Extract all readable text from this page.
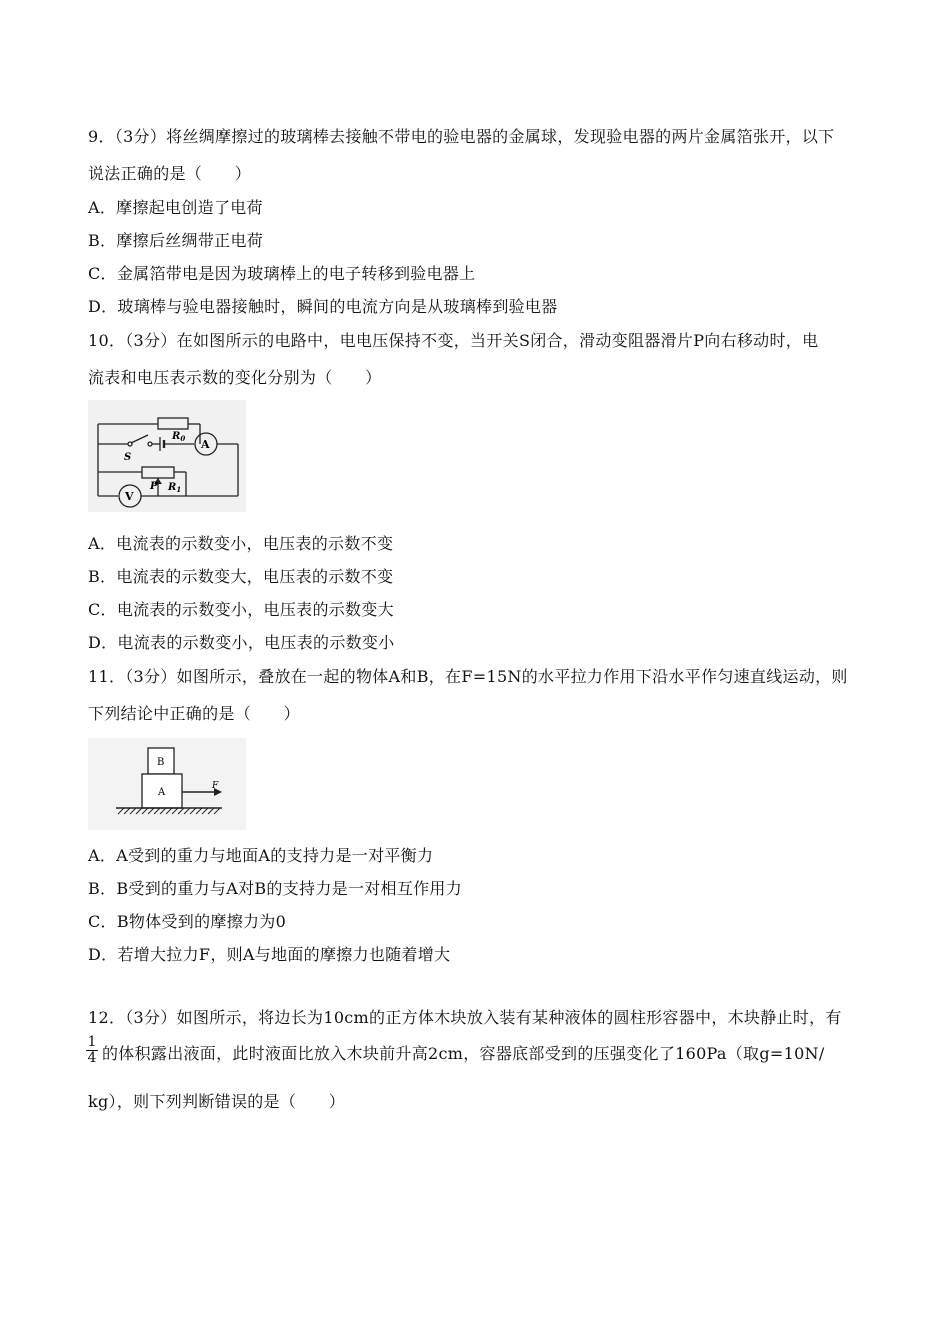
9．（3分）将丝绸摩擦过的玻璃棒去接触不带电的验电器的金属球，发现验电器的两片金属箔张开，以下
说法正确的是（　　）
A．摩擦起电创造了电荷
B．摩擦后丝绸带正电荷
C．金属箔带电是因为玻璃棒上的电子转移到验电器上
D．玻璃棒与验电器接触时，瞬间的电流方向是从玻璃棒到验电器
10．（3分）在如图所示的电路中，电电压保持不变，当开关S闭合，滑动变阻器滑片P向右移动时，电
流表和电压表示数的变化分别为（　　）
$R_0$
S
A
P $R_1$
V
A．电流表的示数变小，电压表的示数不变
B．电流表的示数变大，电压表的示数不变
C．电流表的示数变小，电压表的示数变大
D．电流表的示数变小，电压表的示数变小
11．（3分）如图所示，叠放在一起的物体A和B，在F=15N的水平拉力作用下沿水平作匀速直线运动，则
下列结论中正确的是（　　）
B
A
F
A．A受到的重力与地面A的支持力是一对平衡力
B．B受到的重力与A对B的支持力是一对相互作用力
C．B物体受到的摩擦力为0
D．若增大拉力F，则A与地面的摩擦力也随着增大
12．（3分）如图所示，将边长为10cm的正方体木块放入装有某种液体的圆柱形容器中，木块静止时，有
$\frac{1}{4}$ 的体积露出液面，此时液面比放入木块前升高2cm，容器底部受到的压强变化了160Pa（取g=10N/
kg），则下列判断错误的是（　　）
